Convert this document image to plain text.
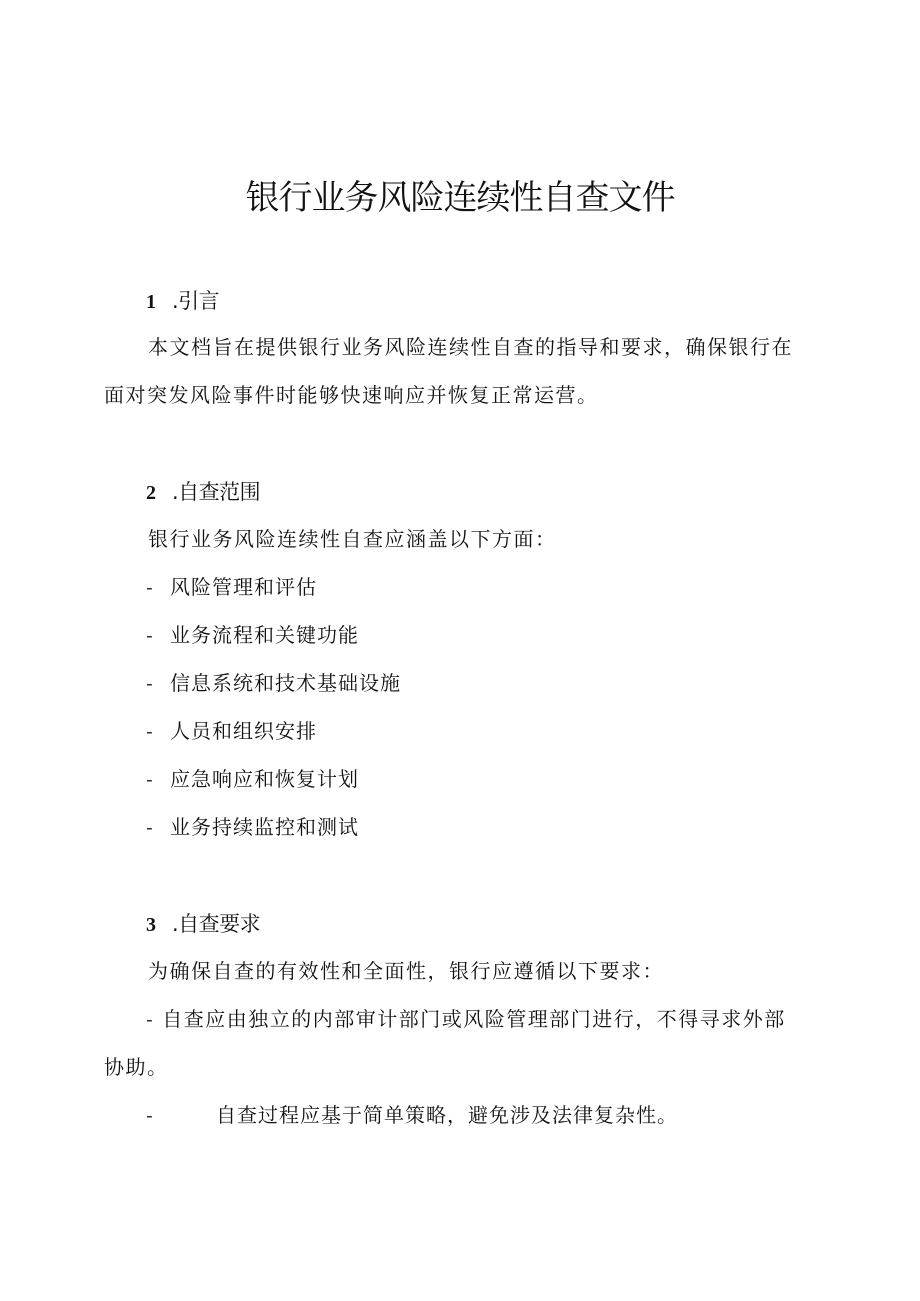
银行业务风险连续性自查文件
1 .引言

本文档旨在提供银行业务风险连续性自查的指导和要求，确保银行在面对突发风险事件时能够快速响应并恢复正常运营。

2 .自查范围

银行业务风险连续性自查应涵盖以下方面：

- 风险管理和评估
- 业务流程和关键功能
- 信息系统和技术基础设施
- 人员和组织安排
- 应急响应和恢复计划
- 业务持续监控和测试
3 .自查要求

为确保自查的有效性和全面性，银行应遵循以下要求：

- 自查应由独立的内部审计部门或风险管理部门进行，不得寻求外部协助。

-	自查过程应基于简单策略，避免涉及法律复杂性。
